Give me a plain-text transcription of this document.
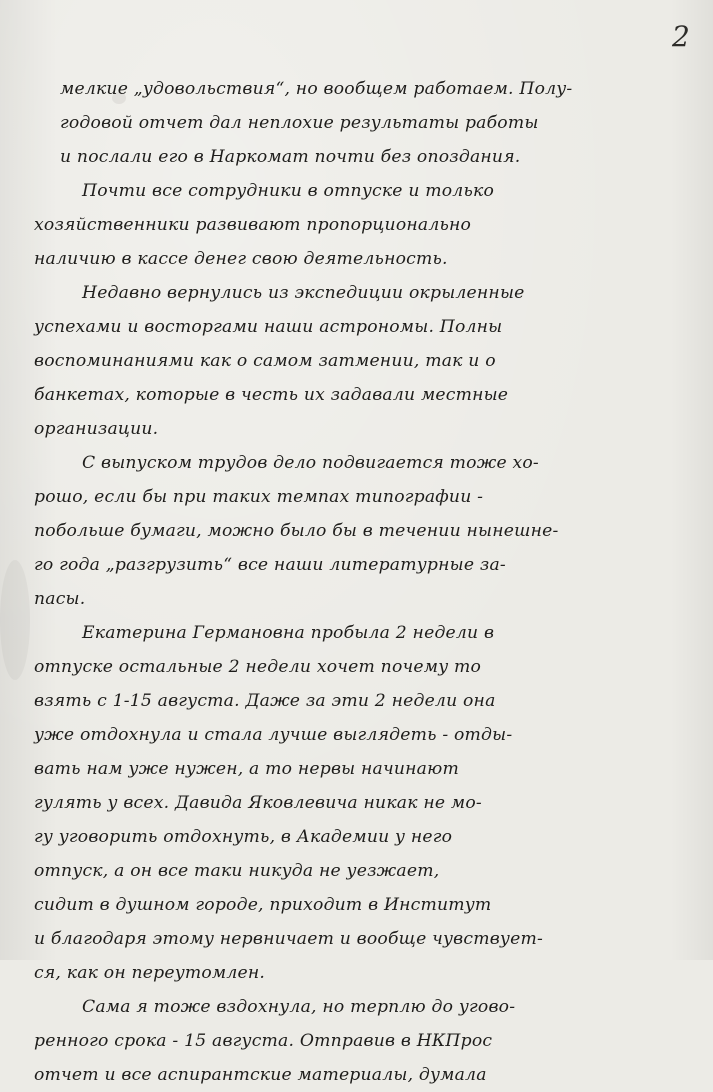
2
мелкие „удовольствия“, но вообщем работаем. Полу-
годовой отчет дал неплохие результаты работы
и послали его в Наркомат почти без опоздания.
Почти все сотрудники в отпуске и только
хозяйственники развивают пропорционально
наличию в кассе денег свою деятельность.
Недавно вернулись из экспедиции окрыленные
успехами и восторгами наши астрономы. Полны
воспоминаниями как о самом затмении, так и о
банкетах, которые в честь их задавали местные
организации.
С выпуском трудов дело подвигается тоже хо-
рошо, если бы при таких темпах типографии -
побольше бумаги, можно было бы в течении нынешне-
го года „разгрузить“ все наши литературные за-
пасы.
Екатерина Германовна пробыла 2 недели в
отпуске остальные 2 недели хочет почему то
взять с 1-15 августа. Даже за эти 2 недели она
уже отдохнула и стала лучше выглядеть - отды-
вать нам уже нужен, а то нервы начинают
гулять у всех. Давида Яковлевича никак не мо-
гу уговорить отдохнуть, в Академии у него
отпуск, а он все таки никуда не уезжает,
сидит в душном городе, приходит в Институт
и благодаря этому нервничает и вообще чувствует-
ся, как он переутомлен.
Сама я тоже вздохнула, но терплю до угово-
ренного срока - 15 августа. Отправив в НКПрос
отчет и все аспирантские материалы, думала
